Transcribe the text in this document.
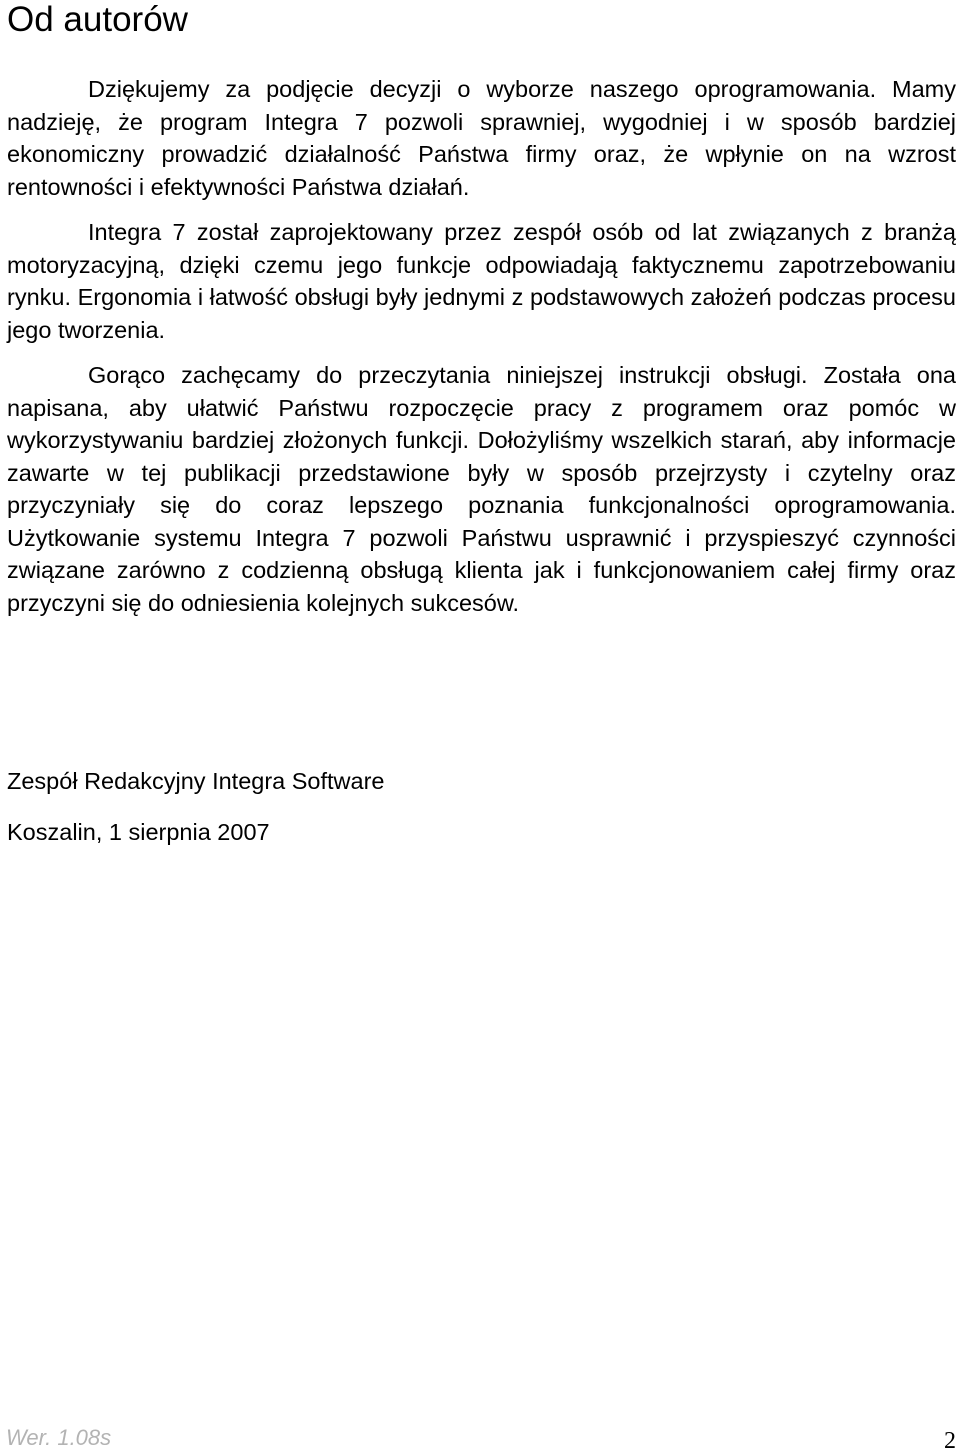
Od autorów

Dziękujemy za podjęcie decyzji o wyborze naszego oprogramowania. Mamy nadzieję, że program Integra 7 pozwoli sprawniej, wygodniej i w sposób bardziej ekonomiczny prowadzić działalność Państwa firmy oraz, że wpłynie on na wzrost rentowności i efektywności Państwa działań.

Integra 7 został zaprojektowany przez zespół osób od lat związanych z branżą motoryzacyjną, dzięki czemu jego funkcje odpowiadają faktycznemu zapotrzebowaniu rynku. Ergonomia i łatwość obsługi były jednymi z podstawowych założeń podczas procesu jego tworzenia.

Gorąco zachęcamy do przeczytania niniejszej instrukcji obsługi. Została ona napisana, aby ułatwić Państwu rozpoczęcie pracy z programem oraz pomóc w wykorzystywaniu bardziej złożonych funkcji. Dołożyliśmy wszelkich starań, aby informacje zawarte w tej publikacji przedstawione były w sposób przejrzysty i czytelny oraz przyczyniały się do coraz lepszego poznania funkcjonalności oprogramowania. Użytkowanie systemu Integra 7 pozwoli Państwu usprawnić i przyspieszyć czynności związane zarówno z codzienną obsługą klienta jak i funkcjonowaniem całej firmy oraz przyczyni się do odniesienia kolejnych sukcesów.

Zespół Redakcyjny Integra Software

Koszalin, 1 sierpnia 2007

Wer. 1.08s	2
